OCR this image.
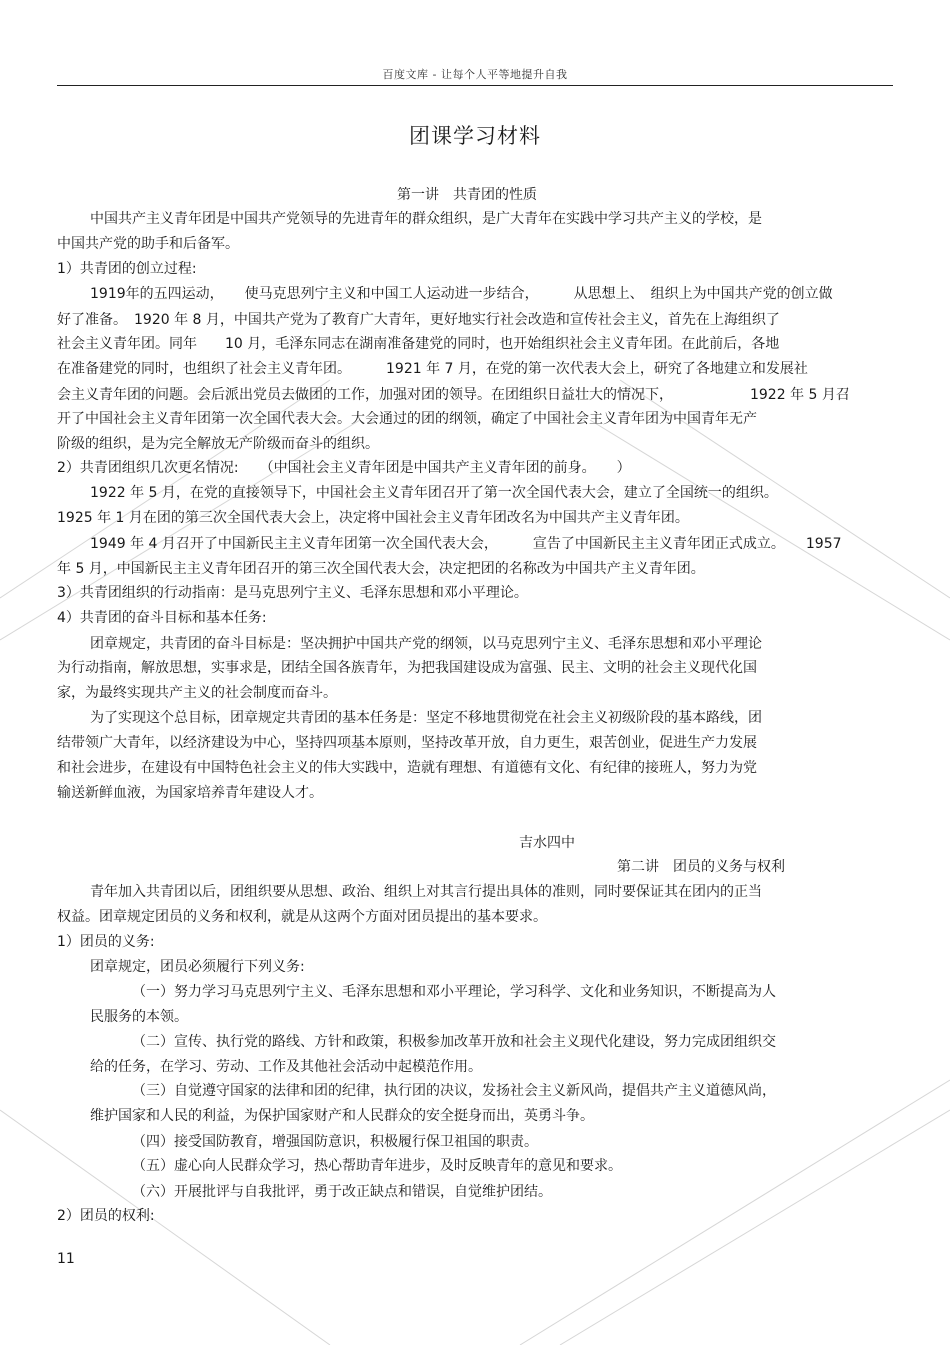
百度文库 - 让每个人平等地提升自我
团课学习材料
第一讲　共青团的性质
中国共产主义青年团是中国共产党领导的先进青年的群众组织，是广大青年在实践中学习共产主义的学校，是
中国共产党的助手和后备军。
1）共青团的创立过程:
1919年的五四运动，　　使马克思列宁主义和中国工人运动进一步结合，　　　从思想上、　组织上为中国共产党的创立做
好了准备。　1920 年 8 月，中国共产党为了教育广大青年，更好地实行社会改造和宣传社会主义，首先在上海组织了
社会主义青年团。同年　　10 月，毛泽东同志在湖南准备建党的同时，也开始组织社会主义青年团。在此前后，各地
在准备建党的同时，也组织了社会主义青年团。　　　1921 年 7 月，在党的第一次代表大会上，研究了各地建立和发展社
会主义青年团的问题。会后派出党员去做团的工作，加强对团的领导。在团组织日益壮大的情况下，　　　　　　1922 年 5 月召
开了中国社会主义青年团第一次全国代表大会。大会通过的团的纲领，确定了中国社会主义青年团为中国青年无产
阶级的组织，是为完全解放无产阶级而奋斗的组织。
2）共青团组织几次更名情况:　　（中国社会主义青年团是中国共产主义青年团的前身。　　）
1922 年 5 月，在党的直接领导下，中国社会主义青年团召开了第一次全国代表大会，建立了全国统一的组织。
1925 年 1 月在团的第三次全国代表大会上，决定将中国社会主义青年团改名为中国共产主义青年团。
1949 年 4 月召开了中国新民主主义青年团第一次全国代表大会，　　　宣告了中国新民主主义青年团正式成立。　　1957
年 5 月，中国新民主主义青年团召开的第三次全国代表大会，决定把团的名称改为中国共产主义青年团。
3）共青团组织的行动指南：是马克思列宁主义、毛泽东思想和邓小平理论。
4）共青团的奋斗目标和基本任务:
团章规定，共青团的奋斗目标是：坚决拥护中国共产党的纲领，以马克思列宁主义、毛泽东思想和邓小平理论
为行动指南，解放思想，实事求是，团结全国各族青年，为把我国建设成为富强、民主、文明的社会主义现代化国
家，为最终实现共产主义的社会制度而奋斗。
为了实现这个总目标，团章规定共青团的基本任务是：坚定不移地贯彻党在社会主义初级阶段的基本路线，团
结带领广大青年，以经济建设为中心，坚持四项基本原则，坚持改革开放，自力更生，艰苦创业，促进生产力发展
和社会进步，在建设有中国特色社会主义的伟大实践中，造就有理想、有道德有文化、有纪律的接班人，努力为党
输送新鲜血液，为国家培养青年建设人才。
吉水四中
第二讲　团员的义务与权利
青年加入共青团以后，团组织要从思想、政治、组织上对其言行提出具体的准则，同时要保证其在团内的正当
权益。团章规定团员的义务和权利，就是从这两个方面对团员提出的基本要求。
1）团员的义务:
团章规定，团员必须履行下列义务:
（一）努力学习马克思列宁主义、毛泽东思想和邓小平理论，学习科学、文化和业务知识，不断提高为人
民服务的本领。
（二）宣传、执行党的路线、方针和政策，积极参加改革开放和社会主义现代化建设，努力完成团组织交
给的任务，在学习、劳动、工作及其他社会活动中起模范作用。
（三）自觉遵守国家的法律和团的纪律，执行团的决议，发扬社会主义新风尚，提倡共产主义道德风尚，
维护国家和人民的利益，为保护国家财产和人民群众的安全挺身而出，英勇斗争。
（四）接受国防教育，增强国防意识，积极履行保卫祖国的职责。
（五）虚心向人民群众学习，热心帮助青年进步，及时反映青年的意见和要求。
（六）开展批评与自我批评，勇于改正缺点和错误，自觉维护团结。
2）团员的权利:
11
